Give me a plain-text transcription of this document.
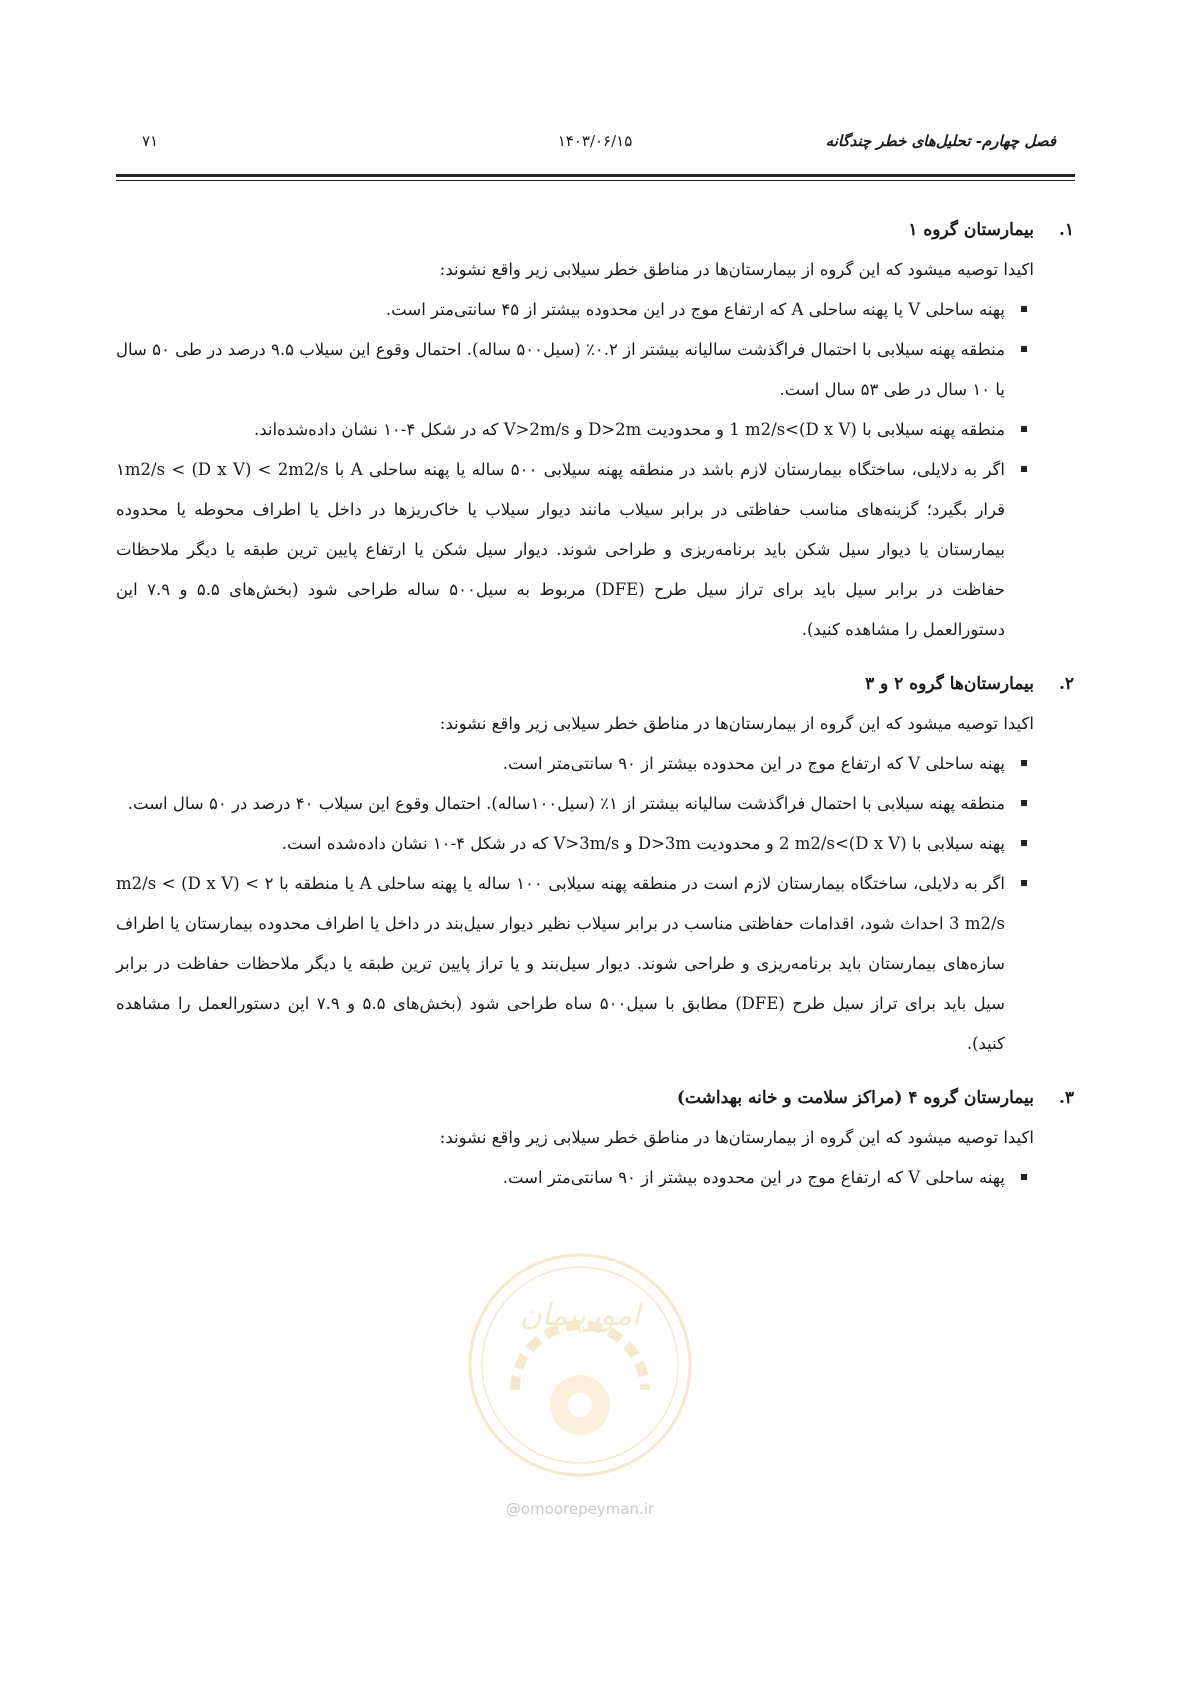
فصل چهارم- تحلیل‌های خطر چندگانه
۱۴۰۳/۰۶/۱۵
۷۱
امورپیمان
@omoorepeyman.ir
۱.
بیمارستان گروه ۱

اکیدا توصیه میشود که این گروه از بیمارستان‌ها در مناطق خطر سیلابی زیر واقع نشوند:

پهنه ساحلی V یا پهنه ساحلی A که ارتفاع موج در این محدوده بیشتر از ۴۵ سانتی‌متر است.
منطقه پهنه سیلابی با احتمال فراگذشت سالیانه بیشتر از ۰.۲٪ (سیل۵۰۰ ساله). احتمال وقوع این سیلاب ۹.۵ درصد در طی ۵۰ سال یا ۱۰ سال در طی ۵۳ سال است.
منطقه پهنه سیلابی با (D x V)>1 m2/s و محدودیت D>2m و V>2m/s که در شکل ۴-۱۰ نشان داده‌شده‌اند.
اگر به دلایلی، ساختگاه بیمارستان لازم باشد در منطقه پهنه سیلابی ۵۰۰ ساله یا پهنه ساحلی A با ۱m2/s < (D x V) < 2m2/s قرار بگیرد؛ گزینه‌های مناسب حفاظتی در برابر سیلاب مانند دیوار سیلاب یا خاک‌ریزها در داخل یا اطراف محوطه یا محدوده بیمارستان یا دیوار سیل شکن باید برنامه‌ریزی و طراحی شوند. دیوار سیل شکن یا ارتفاع پایین ترین طبقه یا دیگر ملاحظات حفاظت در برابر سیل باید برای تراز سیل طرح (DFE) مربوط به سیل۵۰۰ ساله طراحی شود (بخش‌های ۵.۵ و ۷.۹ این دستورالعمل را مشاهده کنید).
۲.
بیمارستان‌ها گروه ۲ و ۳

اکیدا توصیه میشود که این گروه از بیمارستان‌ها در مناطق خطر سیلابی زیر واقع نشوند:

پهنه ساحلی V که ارتفاع موج در این محدوده بیشتر از ۹۰ سانتی‌متر است.
منطقه پهنه سیلابی با احتمال فراگذشت سالیانه بیشتر از ۱٪ (سیل۱۰۰ساله). احتمال وقوع این سیلاب ۴۰ درصد در ۵۰ سال است.
پهنه سیلابی با (D x V)>2 m2/s و محدودیت D>3m و V>3m/s که در شکل ۴-۱۰ نشان داده‌شده است.
اگر به دلایلی، ساختگاه بیمارستان لازم است در منطقه پهنه سیلابی ۱۰۰ ساله یا پهنه ساحلی A یا منطقه با ۲ m2/s < (D x V) < 3 m2/s احداث شود، اقدامات حفاظتی مناسب در برابر سیلاب نظیر دیوار سیل‌بند در داخل یا اطراف محدوده بیمارستان یا اطراف سازه‌های بیمارستان باید برنامه‌ریزی و طراحی شوند. دیوار سیل‌بند و یا تراز پایین ترین طبقه یا دیگر ملاحظات حفاظت در برابر سیل باید برای تراز سیل طرح (DFE) مطابق با سیل۵۰۰ ساه طراحی شود (بخش‌های ۵.۵ و ۷.۹ این دستورالعمل را مشاهده کنید).
۳.
بیمارستان گروه ۴ (مراکز سلامت و خانه بهداشت)

اکیدا توصیه میشود که این گروه از بیمارستان‌ها در مناطق خطر سیلابی زیر واقع نشوند:

پهنه ساحلی V که ارتفاع موج در این محدوده بیشتر از ۹۰ سانتی‌متر است.
